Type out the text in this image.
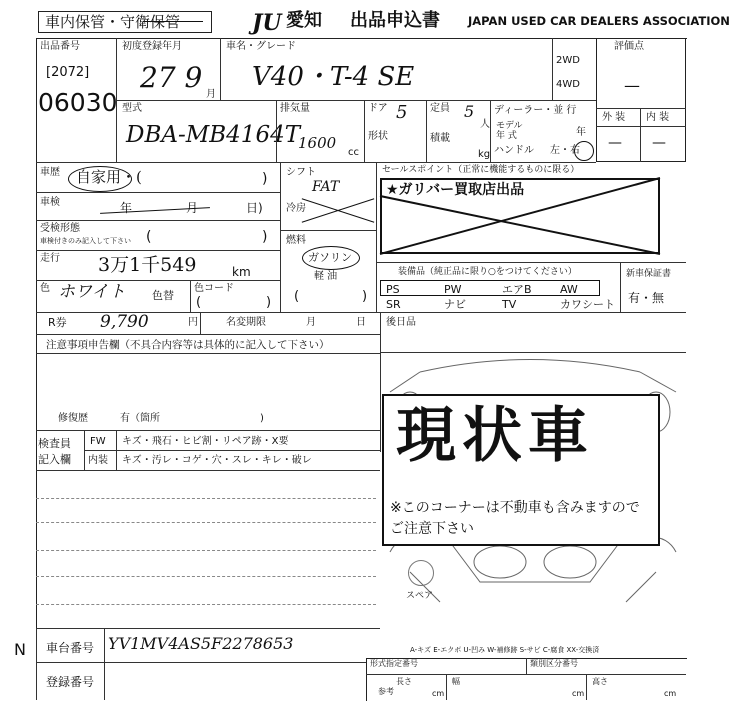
車内保管・守衛保管	JU 愛知 出品申込書 JAPAN USED CAR DEALERS ASSOCIATION
出品番号
[2072]
06030
初度登録年月
27 9
月
車名・グレード
V40・T-4 SE
2WD
4WD
型式
DBA-MB4164T
排気量
1600
cc
ドア 5
形状
定員 5
人
積載
kg
ディーラー・並 行
モデル
年 式	年
ハンドル 左・右
評価点
—
外 装 内 装
— —
車歴 自家用・(	)
車検	年	月	日)
受検形態
車検付きのみ記入して下さい (	)
走行 3万1千549	km
色 ホワイト 色替
色コード
(	)
シフト
FAT
冷房
燃料
ガソリン
軽 油
(	)
セールスポイント（正常に機能するものに限る）
★ガリバー買取店出品
装備品（純正品に限り○をつけてください）
PS	PW	エアB	AW
SR	ナビ	TV	カワシート
新車保証書
有・無
R券 9,790	円	名変期限	月	日 後日品
注意事項申告欄（不具合内容等は具体的に記入して下さい）
修復歴	有（箇所	)
検査員
記入欄
FW キズ・飛石・ヒビ割・リペア跡・X要
内装 キズ・汚レ・コゲ・穴・スレ・キレ・破レ 現状車
※このコーナーは不動車も含みますのでご注意下さい
スペア
A-キズ E-エクボ U-凹み W-補修跡 S-サビ C-腐食 XX-交換済
N 車台番号 YV1MV4AS5F2278653
登録番号
形式指定番号	類別区分番号
長さ
参考	cm
幅
cm
高さ
cm
